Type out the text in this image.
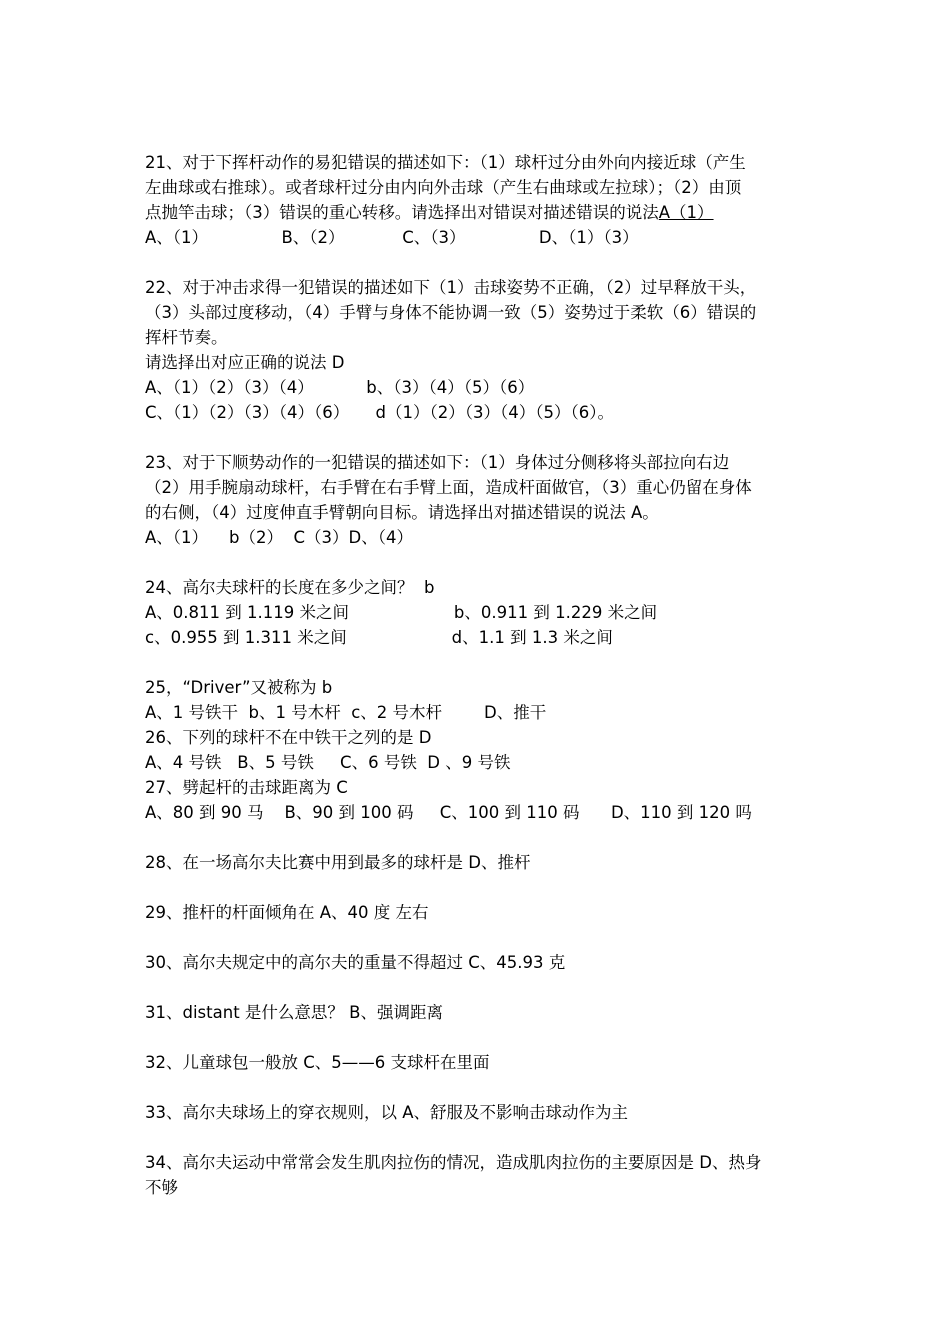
21、对于下挥杆动作的易犯错误的描述如下：（1）球杆过分由外向内接近球（产生
左曲球或右推球）。或者球杆过分由内向外击球（产生右曲球或左拉球）；（2）由顶
点抛竿击球；（3）错误的重心转移。请选择出对错误对描述错误的说法A（1）
A、（1）              B、（2）           C、（3）              D、（1）（3）
22、对于冲击求得一犯错误的描述如下（1）击球姿势不正确，（2）过早释放干头，
（3）头部过度移动，（4）手臂与身体不能协调一致（5）姿势过于柔软（6）错误的
挥杆节奏。
请选择出对应正确的说法 D
A、（1）（2）（3）（4）          b、（3）（4）（5）（6）
C、（1）（2）（3）（4）（6）     d（1）（2）（3）（4）（5）（6）。
23、对于下顺势动作的一犯错误的描述如下：（1）身体过分侧移将头部拉向右边
（2）用手腕扇动球杆，右手臂在右手臂上面，造成杆面做官，（3）重心仍留在身体
的右侧，（4）过度伸直手臂朝向目标。请选择出对描述错误的说法 A。
A、（1）    b（2）  C（3）D、（4）
24、高尔夫球杆的长度在多少之间？  b
A、0.811 到 1.119 米之间                    b、0.911 到 1.229 米之间
c、0.955 到 1.311 米之间                    d、1.1 到 1.3 米之间
25，“Driver”又被称为 b
A、1 号铁干  b、1 号木杆  c、2 号木杆        D、推干
26、下列的球杆不在中铁干之列的是 D
A、4 号铁   B、5 号铁     C、6 号铁  D 、9 号铁
27、劈起杆的击球距离为 C
A、80 到 90 马    B、90 到 100 码     C、100 到 110 码      D、110 到 120 吗
28、在一场高尔夫比赛中用到最多的球杆是 D、推杆
29、推杆的杆面倾角在 A、40 度 左右
30、高尔夫规定中的高尔夫的重量不得超过 C、45.93 克
31、distant 是什么意思？ B、强调距离
32、儿童球包一般放 C、5——6 支球杆在里面
33、高尔夫球场上的穿衣规则，以 A、舒服及不影响击球动作为主
34、高尔夫运动中常常会发生肌肉拉伤的情况，造成肌肉拉伤的主要原因是 D、热身
不够
